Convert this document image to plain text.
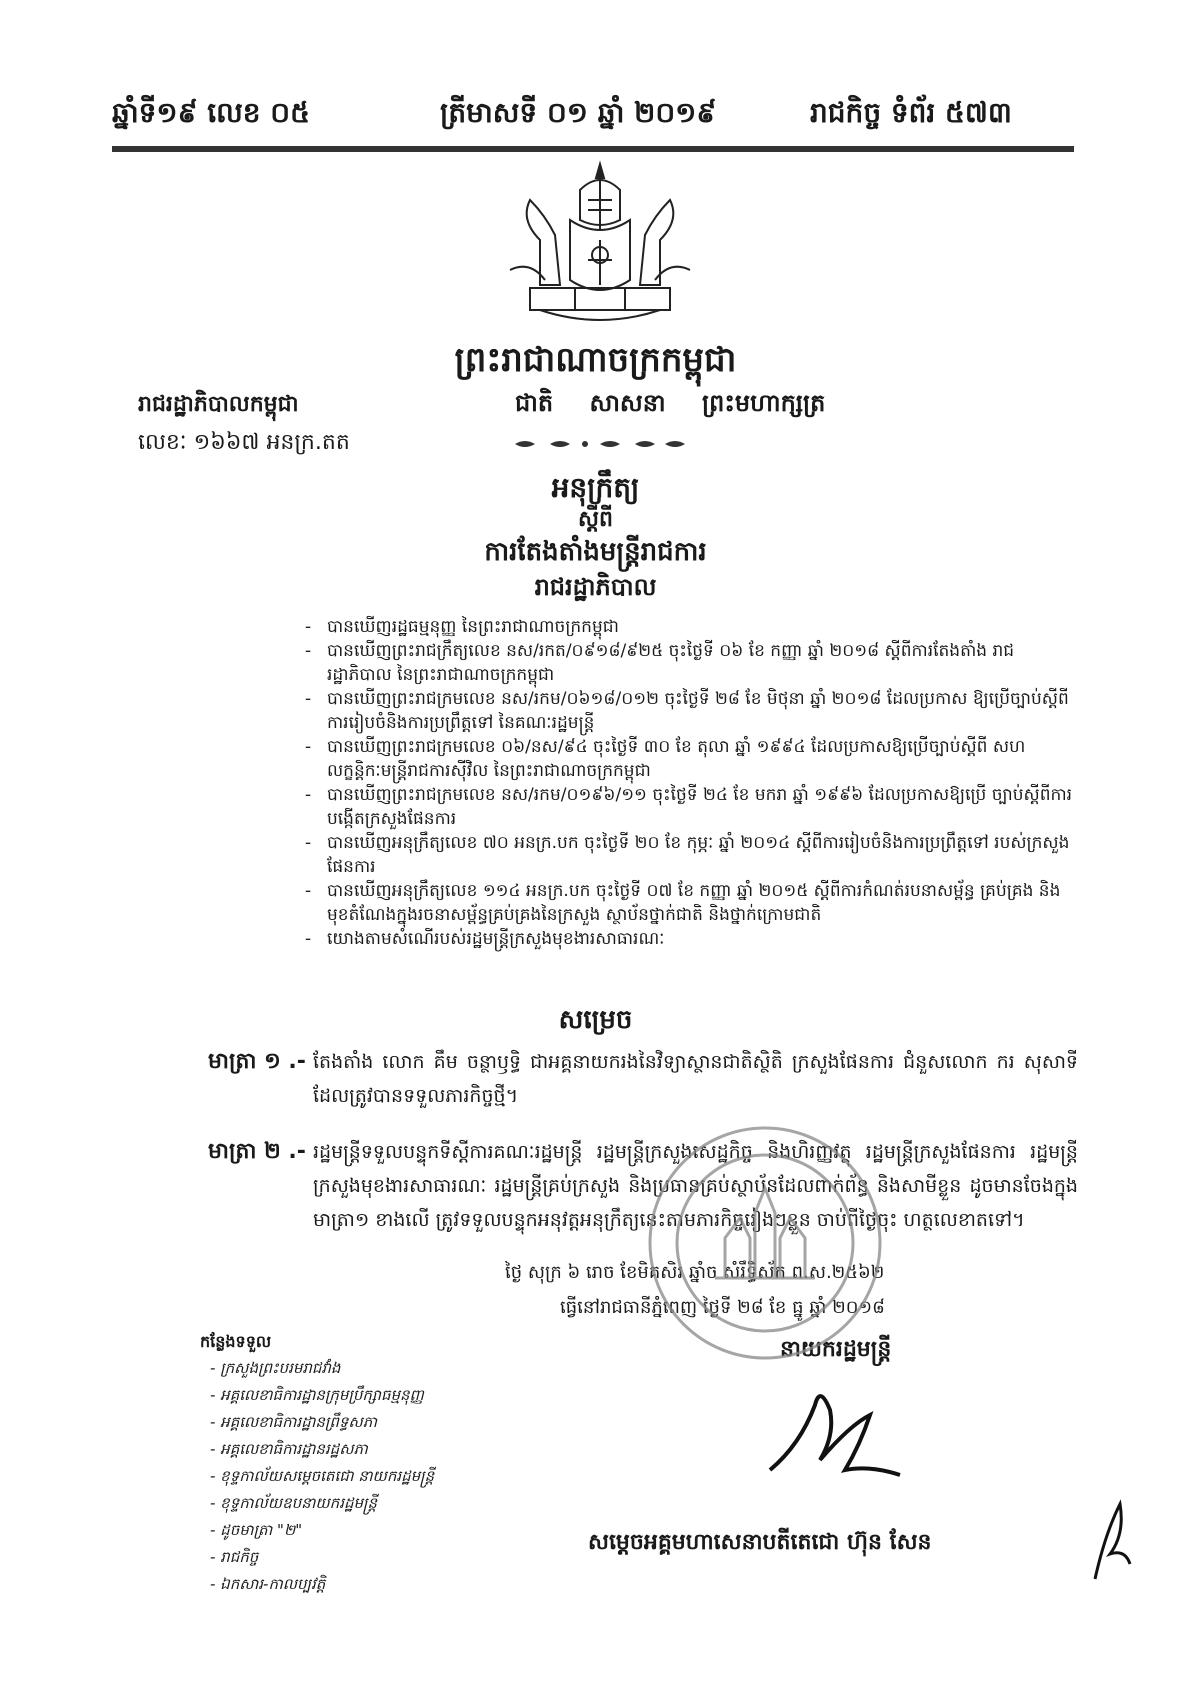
ឆ្នាំទី១៩ លេខ ០៥	ត្រីមាសទី ០១ ឆ្នាំ ២០១៩	រាជកិច្ច ទំព័រ ៥៧៣
ព្រះរាជាណាចក្រកម្ពុជា
រាជរដ្ឋាភិបាលកម្ពុជា	ជាតិ សាសនា ព្រះមហាក្សត្រ
លេខៈ ១៦៦៧ អនក្រ.តត
អនុក្រឹត្យ
ស្តីពី
ការតែងតាំងមន្ត្រីរាជការ
រាជរដ្ឋាភិបាល
- បានឃើញរដ្ឋធម្មនុញ្ញ នៃព្រះរាជាណាចក្រកម្ពុជា
- បានឃើញព្រះរាជក្រឹត្យលេខ នស/រកត/០៩១៨/៩២៥ ចុះថ្ងៃទី ០៦ ខែ កញ្ញា ឆ្នាំ ២០១៨ ស្តីពីការតែងតាំង រាជរដ្ឋាភិបាល នៃព្រះរាជាណាចក្រកម្ពុជា
- បានឃើញព្រះរាជក្រមលេខ នស/រកម/០៦១៨/០១២ ចុះថ្ងៃទី ២៨ ខែ មិថុនា ឆ្នាំ ២០១៨ ដែលប្រកាស ឱ្យប្រើច្បាប់ស្តីពីការរៀបចំនិងការប្រព្រឹត្តទៅ នៃគណៈរដ្ឋមន្ត្រី
- បានឃើញព្រះរាជក្រមលេខ ០៦/នស/៩៤ ចុះថ្ងៃទី ៣០ ខែ តុលា ឆ្នាំ ១៩៩៤ ដែលប្រកាសឱ្យប្រើច្បាប់ស្តីពី សហលក្ខន្តិកៈមន្ត្រីរាជការស៊ីវិល នៃព្រះរាជាណាចក្រកម្ពុជា
- បានឃើញព្រះរាជក្រមលេខ នស/រកម/០១៩៦/១១ ចុះថ្ងៃទី ២៤ ខែ មករា ឆ្នាំ ១៩៩៦ ដែលប្រកាសឱ្យប្រើ ច្បាប់ស្តីពីការបង្កើតក្រសួងផែនការ
- បានឃើញអនុក្រឹត្យលេខ ៧០ អនក្រ.បក ចុះថ្ងៃទី ២០ ខែ កុម្ភៈ ឆ្នាំ ២០១៤ ស្តីពីការរៀបចំនិងការប្រព្រឹត្តទៅ របស់ក្រសួងផែនការ
- បានឃើញអនុក្រឹត្យលេខ ១១៤ អនក្រ.បក ចុះថ្ងៃទី ០៧ ខែ កញ្ញា ឆ្នាំ ២០១៥ ស្តីពីការកំណត់របនាសម្ព័ន្ធ គ្រប់គ្រង និងមុខតំណែងក្នុងរចនាសម្ព័ន្ធគ្រប់គ្រងនៃក្រសួង ស្ថាប័នថ្នាក់ជាតិ និងថ្នាក់ក្រោមជាតិ
- យោងតាមសំណើរបស់រដ្ឋមន្ត្រីក្រសួងមុខងារសាធារណៈ
សម្រេច
មាត្រា ១ .- តែងតាំង លោក គឹម ចន្ថាឫទ្ធិ ជាអគ្គនាយករងនៃវិទ្យាស្ថានជាតិស្ថិតិ ក្រសួងផែនការ ជំនួសលោក ករ សុសាទី ដែលត្រូវបានទទួលភារកិច្ចថ្មី។
មាត្រា ២ .- រដ្ឋមន្ត្រីទទួលបន្ទុកទីស្តីការគណៈរដ្ឋមន្ត្រី រដ្ឋមន្ត្រីក្រសួងសេដ្ឋកិច្ច និងហិរញ្ញវត្ថុ រដ្ឋមន្ត្រីក្រសួងផែនការ រដ្ឋមន្ត្រីក្រសួងមុខងារសាធារណៈ រដ្ឋមន្ត្រីគ្រប់ក្រសួង និងប្រធានគ្រប់ស្ថាប័នដែលពាក់ព័ន្ធ និងសាមីខ្លួន ដូចមានចែងក្នុងមាត្រា១ ខាងលើ ត្រូវទទួលបន្ទុកអនុវត្តអនុក្រឹត្យនេះតាមភារកិច្ចរៀងៗខ្លួន ចាប់ពីថ្ងៃចុះ ហត្ថលេខាតទៅ។
ថ្ងៃ សុក្រ ៦ រោច ខែមិគសិរ ឆ្នាំច សំរឹទ្ធិស័ក ព.ស.២៥៦២
ធ្វើនៅរាជធានីភ្នំពេញ ថ្ងៃទី ២៨ ខែ ធ្នូ ឆ្នាំ ២០១៨
នាយករដ្ឋមន្ត្រី
សម្តេចអគ្គមហាសេនាបតីតេជោ ហ៊ុន សែន
កន្លែងទទួល
- ក្រសួងព្រះបរមរាជវាំង
- អគ្គលេខាធិការដ្ឋានក្រុមប្រឹក្សាធម្មនុញ្ញ
- អគ្គលេខាធិការដ្ឋានព្រឹទ្ធសភា
- អគ្គលេខាធិការដ្ឋានរដ្ឋសភា
- ខុទ្ទកាល័យសម្តេចតេជោ នាយករដ្ឋមន្ត្រី
- ខុទ្ទកាល័យឧបនាយករដ្ឋមន្ត្រី
- ដូចមាត្រា "២"
- រាជកិច្ច
- ឯកសារ-កាលប្បវត្តិ
